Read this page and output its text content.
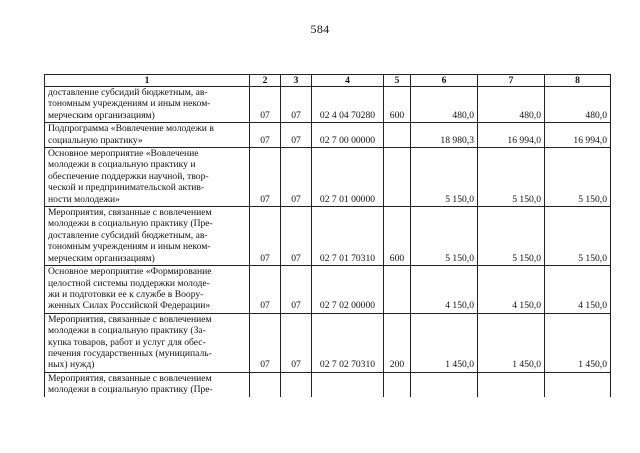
584
1	2	3	4	5	6	7	8

доставление субсидий бюджетным, ав-
тономным учреждениям и иным неком-
мерческим организациям)	07	07	02 4 04 70280	600	480,0	480,0	480,0

Подпрограмма «Вовлечение молодежи в
социальную практику»	07	07	02 7 00 00000		18 980,3	16 994,0	16 994,0

Основное мероприятие «Вовлечение
молодежи в социальную практику и
обеспечение поддержки научной, твор-
ческой и предпринимательской актив-
ности молодежи»	07	07	02 7 01 00000		5 150,0	5 150,0	5 150,0

Мероприятия, связанные с вовлечением
молодежи в социальную практику (Пре-
доставление субсидий бюджетным, ав-
тономным учреждениям и иным неком-
мерческим организациям)	07	07	02 7 01 70310	600	5 150,0	5 150,0	5 150,0

Основное мероприятие «Формирование
целостной системы поддержки молоде-
жи и подготовки ее к службе в Воору-
женных Силах Российской Федерации»	07	07	02 7 02 00000		4 150,0	4 150,0	4 150,0

Мероприятия, связанные с вовлечением
молодежи в социальную практику (За-
купка товаров, работ и услуг для обес-
печения государственных (муниципаль-
ных) нужд)	07	07	02 7 02 70310	200	1 450,0	1 450,0	1 450,0

Мероприятия, связанные с вовлечением
молодежи в социальную практику (Пре-							
